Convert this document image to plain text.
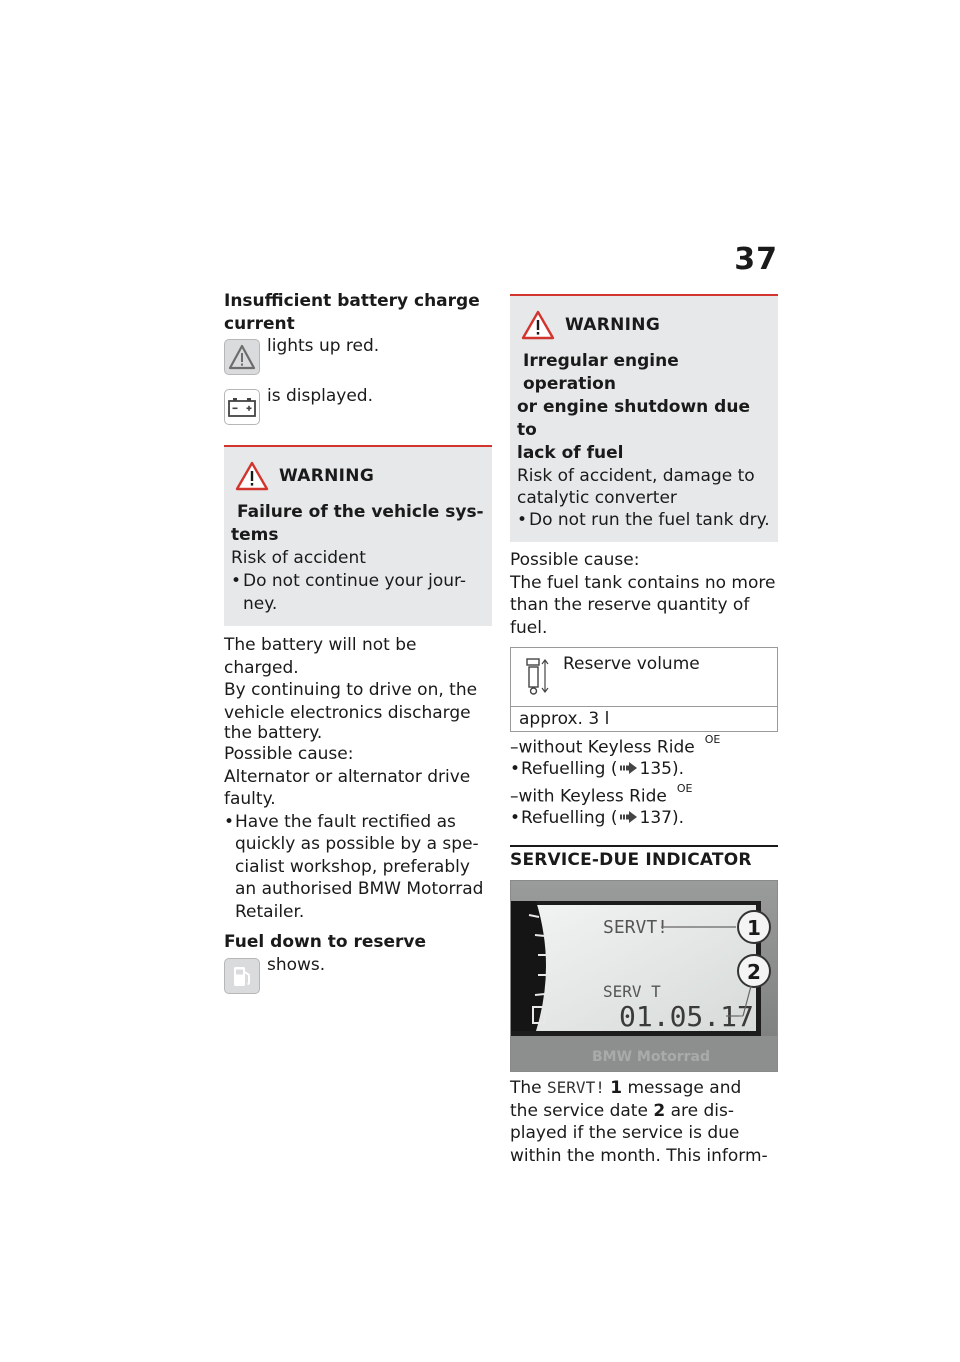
37

Insufficient battery charge current

lights up red.
is displayed.
WARNING
Failure of the vehicle sys-
tems
Risk of accident
• Do not continue your jour-
ney.

The battery will not be charged.

By continuing to drive on, the

vehicle electronics discharge

the battery.

Possible cause:

Alternator or alternator drive

faulty.

• Have the fault rectified as

quickly as possible by a spe-

cialist workshop, preferably

an authorised BMW Motorrad

Retailer.

Fuel down to reserve

shows.
WARNING
Irregular engine operation
or engine shutdown due to
lack of fuel
Risk of accident, damage to
catalytic converter
• Do not run the fuel tank dry.

Possible cause:

The fuel tank contains no more

than the reserve quantity of

fuel.

Reserve volume
approx. 3 l
–without Keyless Ride $^{OE}$
• Refuelling ( 135).
–with Keyless Ride $^{OE}$
• Refuelling ( 137).
SERVICE-DUE INDICATOR
SERVT!
SERV T
01.05.17
1
2
BMW Motorrad

The SERVT! 1 message and

the service date 2 are dis-

played if the service is due

within the month. This inform-
